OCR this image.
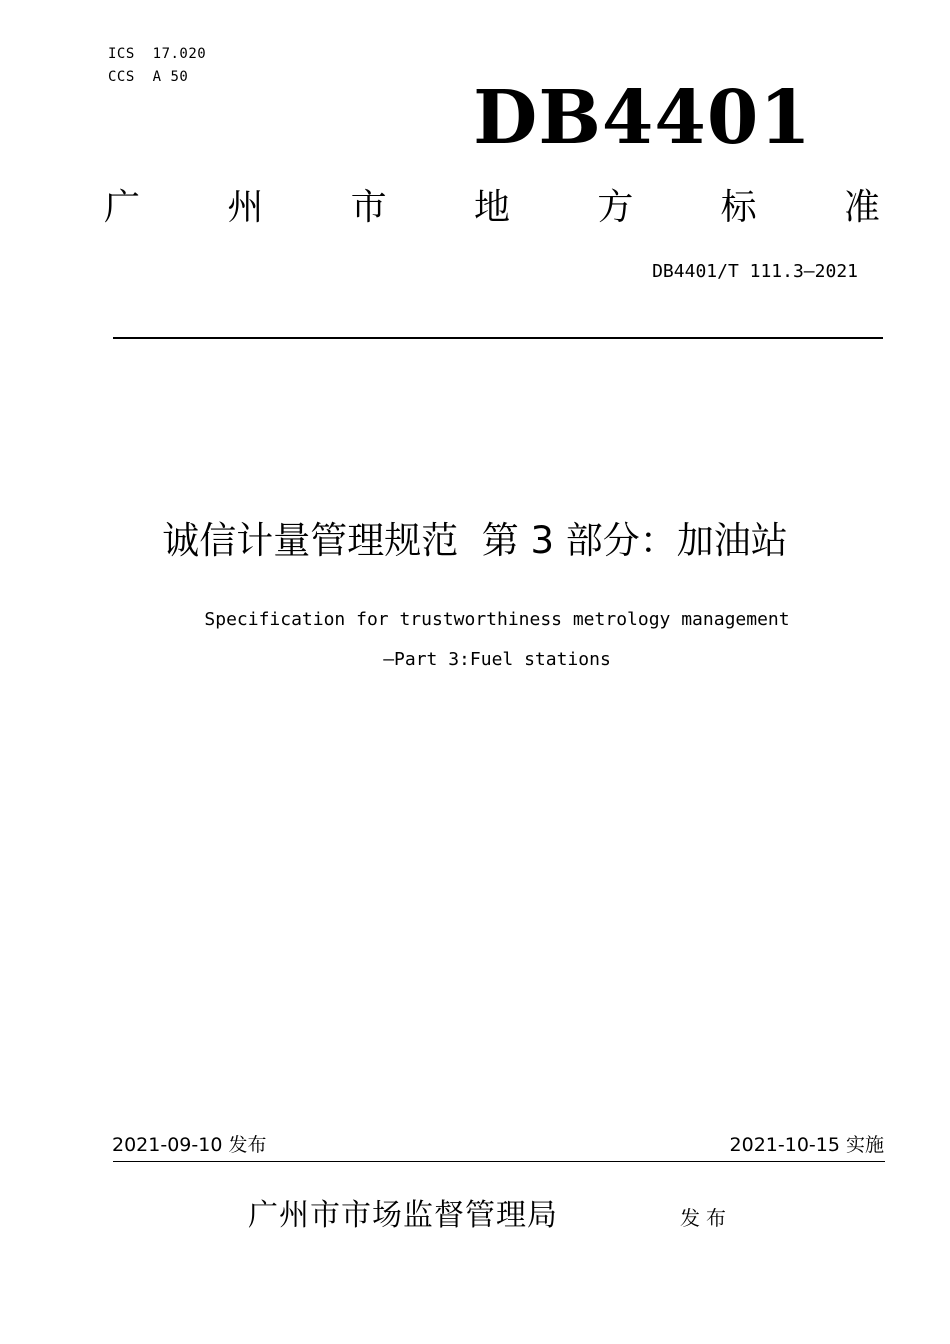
ICS  17.020
CCS  A 50	DB4401
广 州 市 地 方 标 准
DB4401/T 111.3—2021
诚信计量管理规范  第 3 部分：加油站
Specification for trustworthiness metrology management
—Part 3:Fuel stations
2021-09-10 发布	2021-10-15 实施
广州市市场监督管理局	发布
